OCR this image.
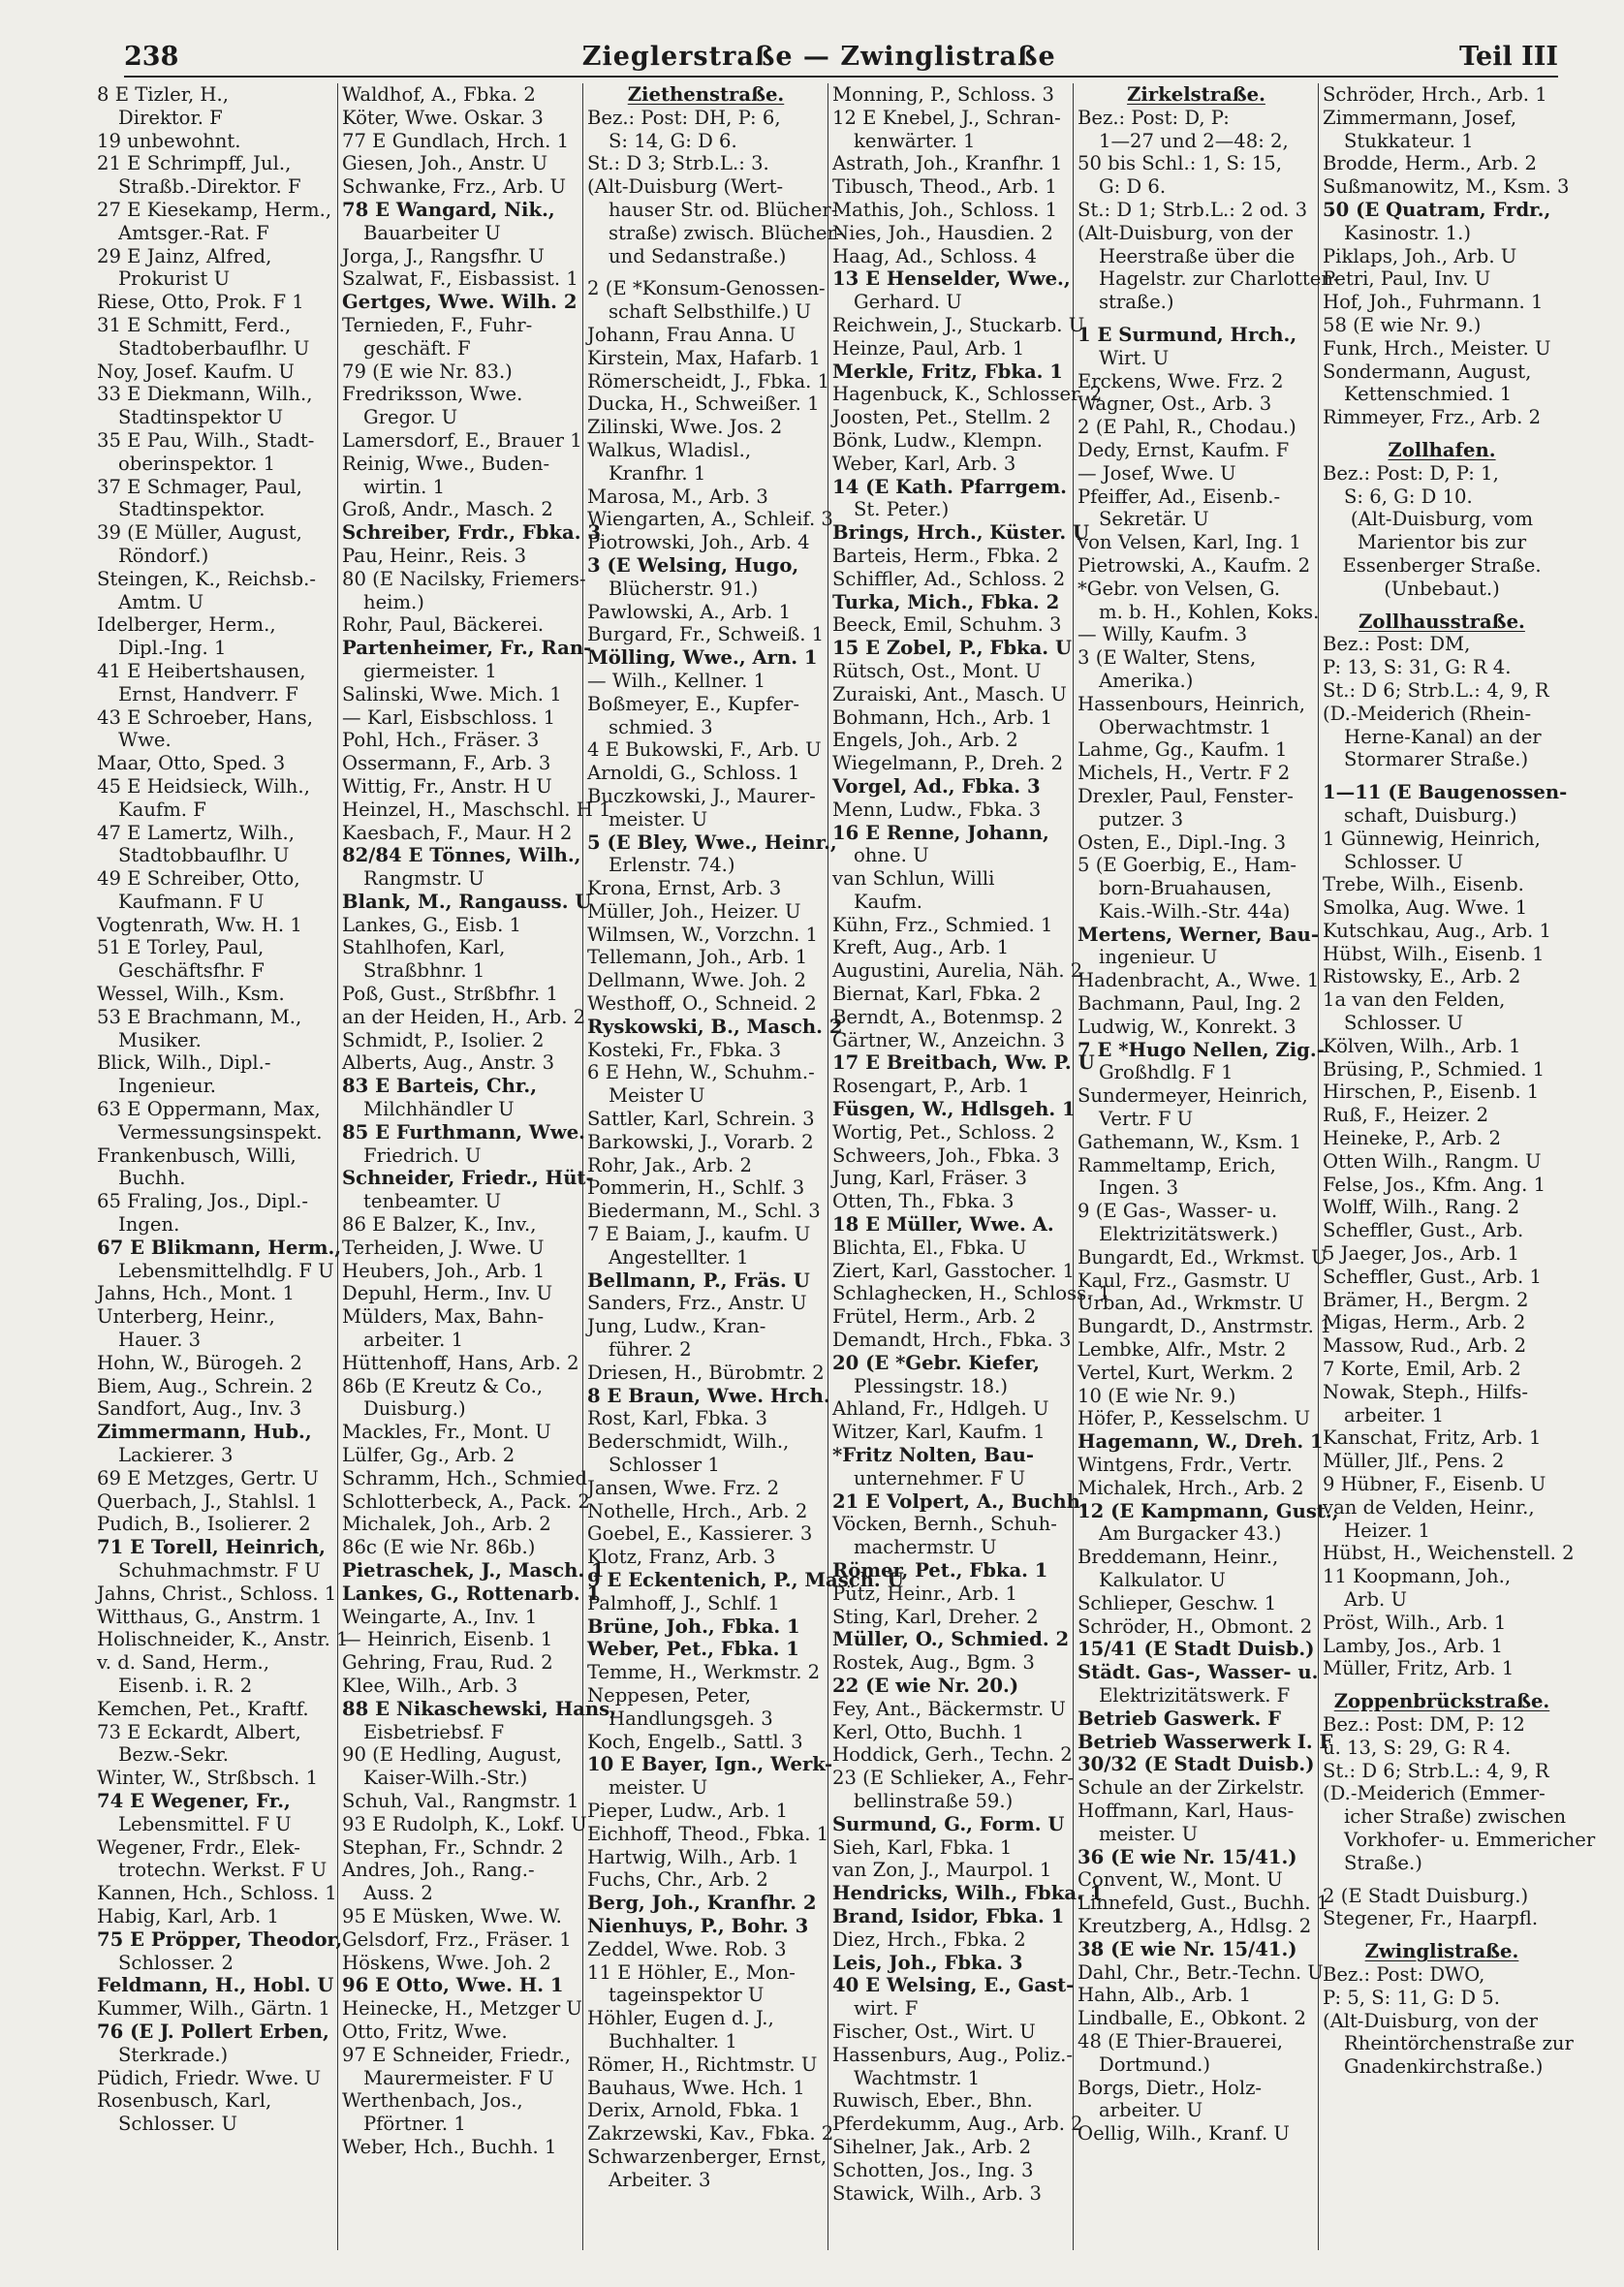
238	Zieglerstraße — Zwinglistraße	Teil III
8 E Tizler, H.,
Direktor. F
19 unbewohnt.
21 E Schrimpff, Jul.,
Straßb.-Direktor. F
27 E Kiesekamp, Herm.,
Amtsger.-Rat. F
29 E Jainz, Alfred,
Prokurist U
Riese, Otto, Prok. F 1
31 E Schmitt, Ferd.,
Stadtoberbauflhr. U
Noy, Josef. Kaufm. U
33 E Diekmann, Wilh.,
Stadtinspektor U
35 E Pau, Wilh., Stadt-
oberinspektor. 1
37 E Schmager, Paul,
Stadtinspektor.
39 (E Müller, August,
Röndorf.)
Steingen, K., Reichsb.-
Amtm. U
Idelberger, Herm.,
Dipl.-Ing. 1
41 E Heibertshausen,
Ernst, Handverr. F
43 E Schroeber, Hans,
Wwe.
Maar, Otto, Sped. 3
45 E Heidsieck, Wilh.,
Kaufm. F
47 E Lamertz, Wilh.,
Stadtobbauflhr. U
49 E Schreiber, Otto,
Kaufmann. F U
Vogtenrath, Ww. H. 1
51 E Torley, Paul,
Geschäftsfhr. F
Wessel, Wilh., Ksm.
53 E Brachmann, M.,
Musiker.
Blick, Wilh., Dipl.-
Ingenieur.
63 E Oppermann, Max,
Vermessungsinspekt.
Frankenbusch, Willi,
Buchh.
65 Fraling, Jos., Dipl.-
Ingen.
67 E Blikmann, Herm.,
Lebensmittelhdlg. F U
Jahns, Hch., Mont. 1
Unterberg, Heinr.,
Hauer. 3
Hohn, W., Bürogeh. 2
Biem, Aug., Schrein. 2
Sandfort, Aug., Inv. 3
Zimmermann, Hub.,
Lackierer. 3
69 E Metzges, Gertr. U
Querbach, J., Stahlsl. 1
Pudich, B., Isolierer. 2
71 E Torell, Heinrich,
Schuhmachmstr. F U
Jahns, Christ., Schloss. 1
Witthaus, G., Anstrm. 1
Holischneider, K., Anstr. 1
v. d. Sand, Herm.,
Eisenb. i. R. 2
Kemchen, Pet., Kraftf.
73 E Eckardt, Albert,
Bezw.-Sekr.
Winter, W., Strßbsch. 1
74 E Wegener, Fr.,
Lebensmittel. F U
Wegener, Frdr., Elek-
trotechn. Werkst. F U
Kannen, Hch., Schloss. 1
Habig, Karl, Arb. 1
75 E Pröpper, Theodor,
Schlosser. 2
Feldmann, H., Hobl. U
Kummer, Wilh., Gärtn. 1
76 (E J. Pollert Erben,
Sterkrade.)
Püdich, Friedr. Wwe. U
Rosenbusch, Karl,
Schlosser. U
Waldhof, A., Fbka. 2
Köter, Wwe. Oskar. 3
77 E Gundlach, Hrch. 1
Giesen, Joh., Anstr. U
Schwanke, Frz., Arb. U
78 E Wangard, Nik.,
Bauarbeiter U
Jorga, J., Rangsfhr. U
Szalwat, F., Eisbassist. 1
Gertges, Wwe. Wilh. 2
Ternieden, F., Fuhr-
geschäft. F
79 (E wie Nr. 83.)
Fredriksson, Wwe.
Gregor. U
Lamersdorf, E., Brauer 1
Reinig, Wwe., Buden-
wirtin. 1
Groß, Andr., Masch. 2
Schreiber, Frdr., Fbka. 3
Pau, Heinr., Reis. 3
80 (E Nacilsky, Friemers-
heim.)
Rohr, Paul, Bäckerei.
Partenheimer, Fr., Ran-
giermeister. 1
Salinski, Wwe. Mich. 1
— Karl, Eisbschloss. 1
Pohl, Hch., Fräser. 3
Ossermann, F., Arb. 3
Wittig, Fr., Anstr. H U
Heinzel, H., Maschschl. H 1
Kaesbach, F., Maur. H 2
82/84 E Tönnes, Wilh.,
Rangmstr. U
Blank, M., Rangauss. U
Lankes, G., Eisb. 1
Stahlhofen, Karl,
Straßbhnr. 1
Poß, Gust., Strßbfhr. 1
an der Heiden, H., Arb. 2
Schmidt, P., Isolier. 2
Alberts, Aug., Anstr. 3
83 E Barteis, Chr.,
Milchhändler U
85 E Furthmann, Wwe.
Friedrich. U
Schneider, Friedr., Hüt-
tenbeamter. U
86 E Balzer, K., Inv.,
Terheiden, J. Wwe. U
Heubers, Joh., Arb. 1
Depuhl, Herm., Inv. U
Mülders, Max, Bahn-
arbeiter. 1
Hüttenhoff, Hans, Arb. 2
86b (E Kreutz & Co.,
Duisburg.)
Mackles, Fr., Mont. U
Lülfer, Gg., Arb. 2
Schramm, Hch., Schmied
Schlotterbeck, A., Pack. 2
Michalek, Joh., Arb. 2
86c (E wie Nr. 86b.)
Pietraschek, J., Masch. 1
Lankes, G., Rottenarb. 1
Weingarte, A., Inv. 1
— Heinrich, Eisenb. 1
Gehring, Frau, Rud. 2
Klee, Wilh., Arb. 3
88 E Nikaschewski, Hans,
Eisbetriebsf. F
90 (E Hedling, August,
Kaiser-Wilh.-Str.)
Schuh, Val., Rangmstr. 1
93 E Rudolph, K., Lokf. U
Stephan, Fr., Schndr. 2
Andres, Joh., Rang.-
Auss. 2
95 E Müsken, Wwe. W.
Gelsdorf, Frz., Fräser. 1
Höskens, Wwe. Joh. 2
96 E Otto, Wwe. H. 1
Heinecke, H., Metzger U
Otto, Fritz, Wwe.
97 E Schneider, Friedr.,
Maurermeister. F U
Werthenbach, Jos.,
Pförtner. 1
Weber, Hch., Buchh. 1
Ziethenstraße.
Bez.: Post: DH, P: 6,
S: 14, G: D 6.
St.: D 3; Strb.L.: 3.
(Alt-Duisburg (Wert-
hauser Str. od. Blücher-
straße) zwisch. Blücher-
und Sedanstraße.)
2 (E *Konsum-Genossen-
schaft Selbsthilfe.) U
Johann, Frau Anna. U
Kirstein, Max, Hafarb. 1
Römerscheidt, J., Fbka. 1
Ducka, H., Schweißer. 1
Zilinski, Wwe. Jos. 2
Walkus, Wladisl.,
Kranfhr. 1
Marosa, M., Arb. 3
Wiengarten, A., Schleif. 3
Piotrowski, Joh., Arb. 4
3 (E Welsing, Hugo,
Blücherstr. 91.)
Pawlowski, A., Arb. 1
Burgard, Fr., Schweiß. 1
Mölling, Wwe., Arn. 1
— Wilh., Kellner. 1
Boßmeyer, E., Kupfer-
schmied. 3
4 E Bukowski, F., Arb. U
Arnoldi, G., Schloss. 1
Buczkowski, J., Maurer-
meister. U
5 (E Bley, Wwe., Heinr.,
Erlenstr. 74.)
Krona, Ernst, Arb. 3
Müller, Joh., Heizer. U
Wilmsen, W., Vorzchn. 1
Tellemann, Joh., Arb. 1
Dellmann, Wwe. Joh. 2
Westhoff, O., Schneid. 2
Ryskowski, B., Masch. 2
Kosteki, Fr., Fbka. 3
6 E Hehn, W., Schuhm.-
Meister U
Sattler, Karl, Schrein. 3
Barkowski, J., Vorarb. 2
Rohr, Jak., Arb. 2
Pommerin, H., Schlf. 3
Biedermann, M., Schl. 3
7 E Baiam, J., kaufm. U
Angestellter. 1
Bellmann, P., Fräs. U
Sanders, Frz., Anstr. U
Jung, Ludw., Kran-
führer. 2
Driesen, H., Bürobmtr. 2
8 E Braun, Wwe. Hrch.
Rost, Karl, Fbka. 3
Bederschmidt, Wilh.,
Schlosser 1
Jansen, Wwe. Frz. 2
Nothelle, Hrch., Arb. 2
Goebel, E., Kassierer. 3
Klotz, Franz, Arb. 3
9 E Eckentenich, P., Masch. U
Palmhoff, J., Schlf. 1
Brüne, Joh., Fbka. 1
Weber, Pet., Fbka. 1
Temme, H., Werkmstr. 2
Neppesen, Peter,
Handlungsgeh. 3
Koch, Engelb., Sattl. 3
10 E Bayer, Ign., Werk-
meister. U
Pieper, Ludw., Arb. 1
Eichhoff, Theod., Fbka. 1
Hartwig, Wilh., Arb. 1
Fuchs, Chr., Arb. 2
Berg, Joh., Kranfhr. 2
Nienhuys, P., Bohr. 3
Zeddel, Wwe. Rob. 3
11 E Höhler, E., Mon-
tageinspektor U
Höhler, Eugen d. J.,
Buchhalter. 1
Römer, H., Richtmstr. U
Bauhaus, Wwe. Hch. 1
Derix, Arnold, Fbka. 1
Zakrzewski, Kav., Fbka. 2
Schwarzenberger, Ernst,
Arbeiter. 3
Monning, P., Schloss. 3
12 E Knebel, J., Schran-
kenwärter. 1
Astrath, Joh., Kranfhr. 1
Tibusch, Theod., Arb. 1
Mathis, Joh., Schloss. 1
Nies, Joh., Hausdien. 2
Haag, Ad., Schloss. 4
13 E Henselder, Wwe.,
Gerhard. U
Reichwein, J., Stuckarb. U
Heinze, Paul, Arb. 1
Merkle, Fritz, Fbka. 1
Hagenbuck, K., Schlosser. 2
Joosten, Pet., Stellm. 2
Bönk, Ludw., Klempn.
Weber, Karl, Arb. 3
14 (E Kath. Pfarrgem.
St. Peter.)
Brings, Hrch., Küster. U
Barteis, Herm., Fbka. 2
Schiffler, Ad., Schloss. 2
Turka, Mich., Fbka. 2
Beeck, Emil, Schuhm. 3
15 E Zobel, P., Fbka. U
Rütsch, Ost., Mont. U
Zuraiski, Ant., Masch. U
Bohmann, Hch., Arb. 1
Engels, Joh., Arb. 2
Wiegelmann, P., Dreh. 2
Vorgel, Ad., Fbka. 3
Menn, Ludw., Fbka. 3
16 E Renne, Johann,
ohne. U
van Schlun, Willi
Kaufm.
Kühn, Frz., Schmied. 1
Kreft, Aug., Arb. 1
Augustini, Aurelia, Näh. 2
Biernat, Karl, Fbka. 2
Berndt, A., Botenmsp. 2
Gärtner, W., Anzeichn. 3
17 E Breitbach, Ww. P. U
Rosengart, P., Arb. 1
Füsgen, W., Hdlsgeh. 1
Wortig, Pet., Schloss. 2
Schweers, Joh., Fbka. 3
Jung, Karl, Fräser. 3
Otten, Th., Fbka. 3
18 E Müller, Wwe. A.
Blichta, El., Fbka. U
Ziert, Karl, Gasstocher. 1
Schlaghecken, H., Schloss. 1
Frütel, Herm., Arb. 2
Demandt, Hrch., Fbka. 3
20 (E *Gebr. Kiefer,
Plessingstr. 18.)
Ahland, Fr., Hdlgeh. U
Witzer, Karl, Kaufm. 1
*Fritz Nolten, Bau-
unternehmer. F U
21 E Volpert, A., Buchh.
Vöcken, Bernh., Schuh-
machermstr. U
Römer, Pet., Fbka. 1
Pütz, Heinr., Arb. 1
Sting, Karl, Dreher. 2
Müller, O., Schmied. 2
Rostek, Aug., Bgm. 3
22 (E wie Nr. 20.)
Fey, Ant., Bäckermstr. U
Kerl, Otto, Buchh. 1
Hoddick, Gerh., Techn. 2
23 (E Schlieker, A., Fehr-
bellinstraße 59.)
Surmund, G., Form. U
Sieh, Karl, Fbka. 1
van Zon, J., Maurpol. 1
Hendricks, Wilh., Fbka. 1
Brand, Isidor, Fbka. 1
Diez, Hrch., Fbka. 2
Leis, Joh., Fbka. 3
40 E Welsing, E., Gast-
wirt. F
Fischer, Ost., Wirt. U
Hassenburs, Aug., Poliz.-
Wachtmstr. 1
Ruwisch, Eber., Bhn.
Pferdekumm, Aug., Arb. 2
Sihelner, Jak., Arb. 2
Schotten, Jos., Ing. 3
Stawick, Wilh., Arb. 3
Zirkelstraße.
Bez.: Post: D, P:
1—27 und 2—48: 2,
50 bis Schl.: 1, S: 15,
G: D 6.
St.: D 1; Strb.L.: 2 od. 3
(Alt-Duisburg, von der
Heerstraße über die
Hagelstr. zur Charlotten-
straße.)
1 E Surmund, Hrch.,
Wirt. U
Erckens, Wwe. Frz. 2
Wagner, Ost., Arb. 3
2 (E Pahl, R., Chodau.)
Dedy, Ernst, Kaufm. F
— Josef, Wwe. U
Pfeiffer, Ad., Eisenb.-
Sekretär. U
von Velsen, Karl, Ing. 1
Pietrowski, A., Kaufm. 2
*Gebr. von Velsen, G.
m. b. H., Kohlen, Koks.
— Willy, Kaufm. 3
3 (E Walter, Stens,
Amerika.)
Hassenbours, Heinrich,
Oberwachtmstr. 1
Lahme, Gg., Kaufm. 1
Michels, H., Vertr. F 2
Drexler, Paul, Fenster-
putzer. 3
Osten, E., Dipl.-Ing. 3
5 (E Goerbig, E., Ham-
born-Bruahausen,
Kais.-Wilh.-Str. 44a)
Mertens, Werner, Bau-
ingenieur. U
Hadenbracht, A., Wwe. 1
Bachmann, Paul, Ing. 2
Ludwig, W., Konrekt. 3
7 E *Hugo Nellen, Zig.-
Großhdlg. F 1
Sundermeyer, Heinrich,
Vertr. F U
Gathemann, W., Ksm. 1
Rammeltamp, Erich,
Ingen. 3
9 (E Gas-, Wasser- u.
Elektrizitätswerk.)
Bungardt, Ed., Wrkmst. U
Kaul, Frz., Gasmstr. U
Urban, Ad., Wrkmstr. U
Bungardt, D., Anstrmstr. 1
Lembke, Alfr., Mstr. 2
Vertel, Kurt, Werkm. 2
10 (E wie Nr. 9.)
Höfer, P., Kesselschm. U
Hagemann, W., Dreh. 1
Wintgens, Frdr., Vertr.
Michalek, Hrch., Arb. 2
12 (E Kampmann, Gust.,
Am Burgacker 43.)
Breddemann, Heinr.,
Kalkulator. U
Schlieper, Geschw. 1
Schröder, H., Obmont. 2
15/41 (E Stadt Duisb.)
Städt. Gas-, Wasser- u.
Elektrizitätswerk. F
Betrieb Gaswerk. F
Betrieb Wasserwerk I. F
30/32 (E Stadt Duisb.)
Schule an der Zirkelstr.
Hoffmann, Karl, Haus-
meister. U
36 (E wie Nr. 15/41.)
Convent, W., Mont. U
Linnefeld, Gust., Buchh. 1
Kreutzberg, A., Hdlsg. 2
38 (E wie Nr. 15/41.)
Dahl, Chr., Betr.-Techn. U
Hahn, Alb., Arb. 1
Lindballe, E., Obkont. 2
48 (E Thier-Brauerei,
Dortmund.)
Borgs, Dietr., Holz-
arbeiter. U
Oellig, Wilh., Kranf. U
Schröder, Hrch., Arb. 1
Zimmermann, Josef,
Stukkateur. 1
Brodde, Herm., Arb. 2
Sußmanowitz, M., Ksm. 3
50 (E Quatram, Frdr.,
Kasinostr. 1.)
Piklaps, Joh., Arb. U
Petri, Paul, Inv. U
Hof, Joh., Fuhrmann. 1
58 (E wie Nr. 9.)
Funk, Hrch., Meister. U
Sondermann, August,
Kettenschmied. 1
Rimmeyer, Frz., Arb. 2
Zollhafen.
Bez.: Post: D, P: 1,
S: 6, G: D 10.
(Alt-Duisburg, vom
Marientor bis zur
Essenberger Straße.
(Unbebaut.)
Zollhausstraße.
Bez.: Post: DM,
P: 13, S: 31, G: R 4.
St.: D 6; Strb.L.: 4, 9, R
(D.-Meiderich (Rhein-
Herne-Kanal) an der
Stormarer Straße.)
1—11 (E Baugenossen-
schaft, Duisburg.)
1 Günnewig, Heinrich,
Schlosser. U
Trebe, Wilh., Eisenb.
Smolka, Aug. Wwe. 1
Kutschkau, Aug., Arb. 1
Hübst, Wilh., Eisenb. 1
Ristowsky, E., Arb. 2
1a van den Felden,
Schlosser. U
Kölven, Wilh., Arb. 1
Brüsing, P., Schmied. 1
Hirschen, P., Eisenb. 1
Ruß, F., Heizer. 2
Heineke, P., Arb. 2
Otten Wilh., Rangm. U
Felse, Jos., Kfm. Ang. 1
Wolff, Wilh., Rang. 2
Scheffler, Gust., Arb.
5 Jaeger, Jos., Arb. 1
Scheffler, Gust., Arb. 1
Brämer, H., Bergm. 2
Migas, Herm., Arb. 2
Massow, Rud., Arb. 2
7 Korte, Emil, Arb. 2
Nowak, Steph., Hilfs-
arbeiter. 1
Kanschat, Fritz, Arb. 1
Müller, Jlf., Pens. 2
9 Hübner, F., Eisenb. U
van de Velden, Heinr.,
Heizer. 1
Hübst, H., Weichenstell. 2
11 Koopmann, Joh.,
Arb. U
Pröst, Wilh., Arb. 1
Lamby, Jos., Arb. 1
Müller, Fritz, Arb. 1
Zoppenbrückstraße.
Bez.: Post: DM, P: 12
u. 13, S: 29, G: R 4.
St.: D 6; Strb.L.: 4, 9, R
(D.-Meiderich (Emmer-
icher Straße) zwischen
Vorkhofer- u. Emmericher
Straße.)
2 (E Stadt Duisburg.)
Stegener, Fr., Haarpfl.
Zwinglistraße.
Bez.: Post: DWO,
P: 5, S: 11, G: D 5.
(Alt-Duisburg, von der
Rheintörchenstraße zur
Gnadenkirchstraße.)
